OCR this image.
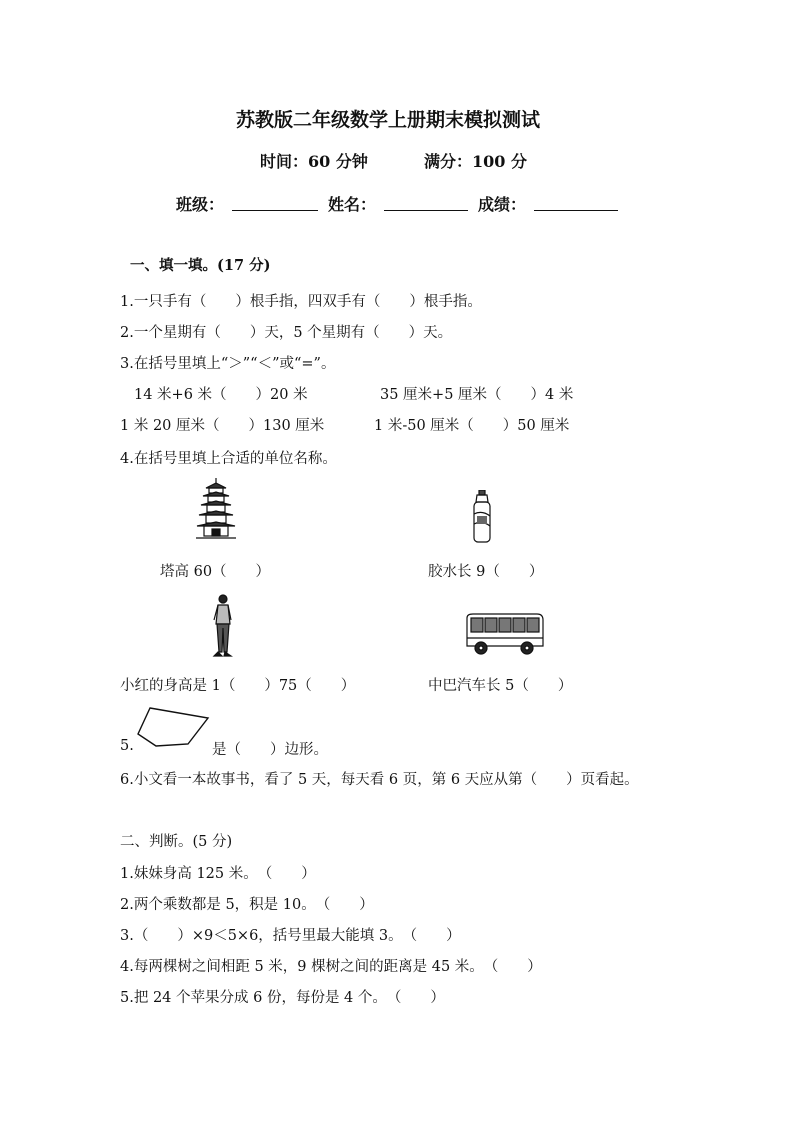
苏教版二年级数学上册期末模拟测试
时间：60 分钟	满分：100 分
班级：	姓名：	成绩：
一、填一填。(17 分)
1.一只手有（　　）根手指，四双手有（　　）根手指。
2.一个星期有（　　）天，5 个星期有（　　）天。
3.在括号里填上“＞”“＜”或“=”。
14 米+6 米（　　）20 米	35 厘米+5 厘米（　　）4 米
1 米 20 厘米（　　）130 厘米	1 米-50 厘米（　　）50 厘米
4.在括号里填上合适的单位名称。
塔高 60（　　）	胶水长 9（　　）
小红的身高是 1（　　）75（　　）	中巴汽车长 5（　　）
5.	是（　　）边形。
6.小文看一本故事书，看了 5 天，每天看 6 页，第 6 天应从第（　　）页看起。
二、判断。(5 分)
1.妹妹身高 125 米。　（　　）
2.两个乘数都是 5，积是 10。　（　　）
3.（　　）×9＜5×6，括号里最大能填 3。　（　　）
4.每两棵树之间相距 5 米，9 棵树之间的距离是 45 米。　（　　）
5.把 24 个苹果分成 6 份，每份是 4 个。　（　　）
